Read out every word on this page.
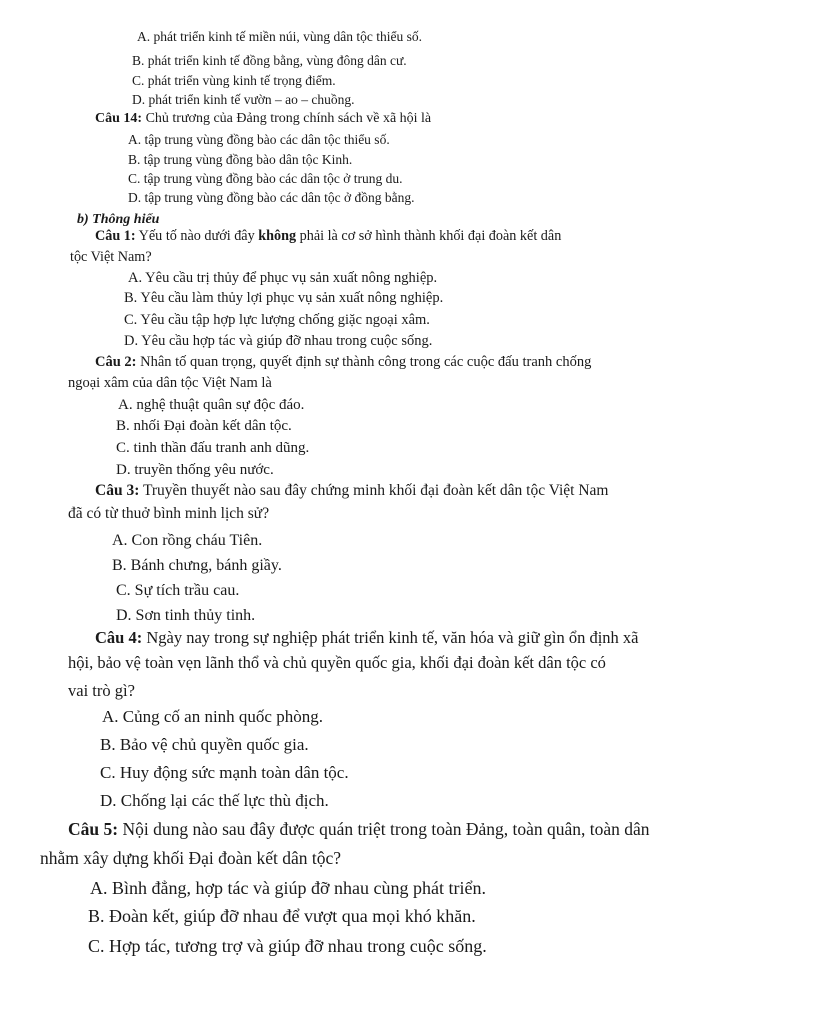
A. phát triển kinh tế miền núi, vùng dân tộc thiểu số.
B. phát triển kinh tế đồng bằng, vùng đông dân cư.
C. phát triển vùng kinh tế trọng điểm.
D. phát triển kinh tế vườn – ao – chuồng.
Câu 14: Chủ trương của Đảng trong chính sách về xã hội là
A. tập trung vùng đồng bào các dân tộc thiểu số.
B. tập trung vùng đồng bào dân tộc Kinh.
C. tập trung vùng đồng bào các dân tộc ở trung du.
D. tập trung vùng đồng bào các dân tộc ở đồng bằng.
b) Thông hiểu
Câu 1: Yếu tố nào dưới đây không phải là cơ sở hình thành khối đại đoàn kết dân
tộc Việt Nam?
A. Yêu cầu trị thủy để phục vụ sản xuất nông nghiệp.
B. Yêu cầu làm thủy lợi phục vụ sản xuất nông nghiệp.
C. Yêu cầu tập hợp lực lượng chống giặc ngoại xâm.
D. Yêu cầu hợp tác và giúp đỡ nhau trong cuộc sống.
Câu 2: Nhân tố quan trọng, quyết định sự thành công trong các cuộc đấu tranh chống
ngoại xâm của dân tộc Việt Nam là
A. nghệ thuật quân sự độc đáo.
B. nhối Đại đoàn kết dân tộc.
C. tinh thần đấu tranh anh dũng.
D. truyền thống yêu nước.
Câu 3: Truyền thuyết nào sau đây chứng minh khối đại đoàn kết dân tộc Việt Nam
đã có từ thuở bình minh lịch sử?
A. Con rồng cháu Tiên.
B. Bánh chưng, bánh giầy.
C. Sự tích trầu cau.
D. Sơn tinh thủy tinh.
Câu 4: Ngày nay trong sự nghiệp phát triển kinh tế, văn hóa và giữ gìn ổn định xã
hội, bảo vệ toàn vẹn lãnh thổ và chủ quyền quốc gia, khối đại đoàn kết dân tộc có
vai trò gì?
A. Củng cố an ninh quốc phòng.
B. Bảo vệ chủ quyền quốc gia.
C. Huy động sức mạnh toàn dân tộc.
D. Chống lại các thế lực thù địch.
Câu 5: Nội dung nào sau đây được quán triệt trong toàn Đảng, toàn quân, toàn dân
nhằm xây dựng khối Đại đoàn kết dân tộc?
A. Bình đẳng, hợp tác và giúp đỡ nhau cùng phát triển.
B. Đoàn kết, giúp đỡ nhau để vượt qua mọi khó khăn.
C. Hợp tác, tương trợ và giúp đỡ nhau trong cuộc sống.
